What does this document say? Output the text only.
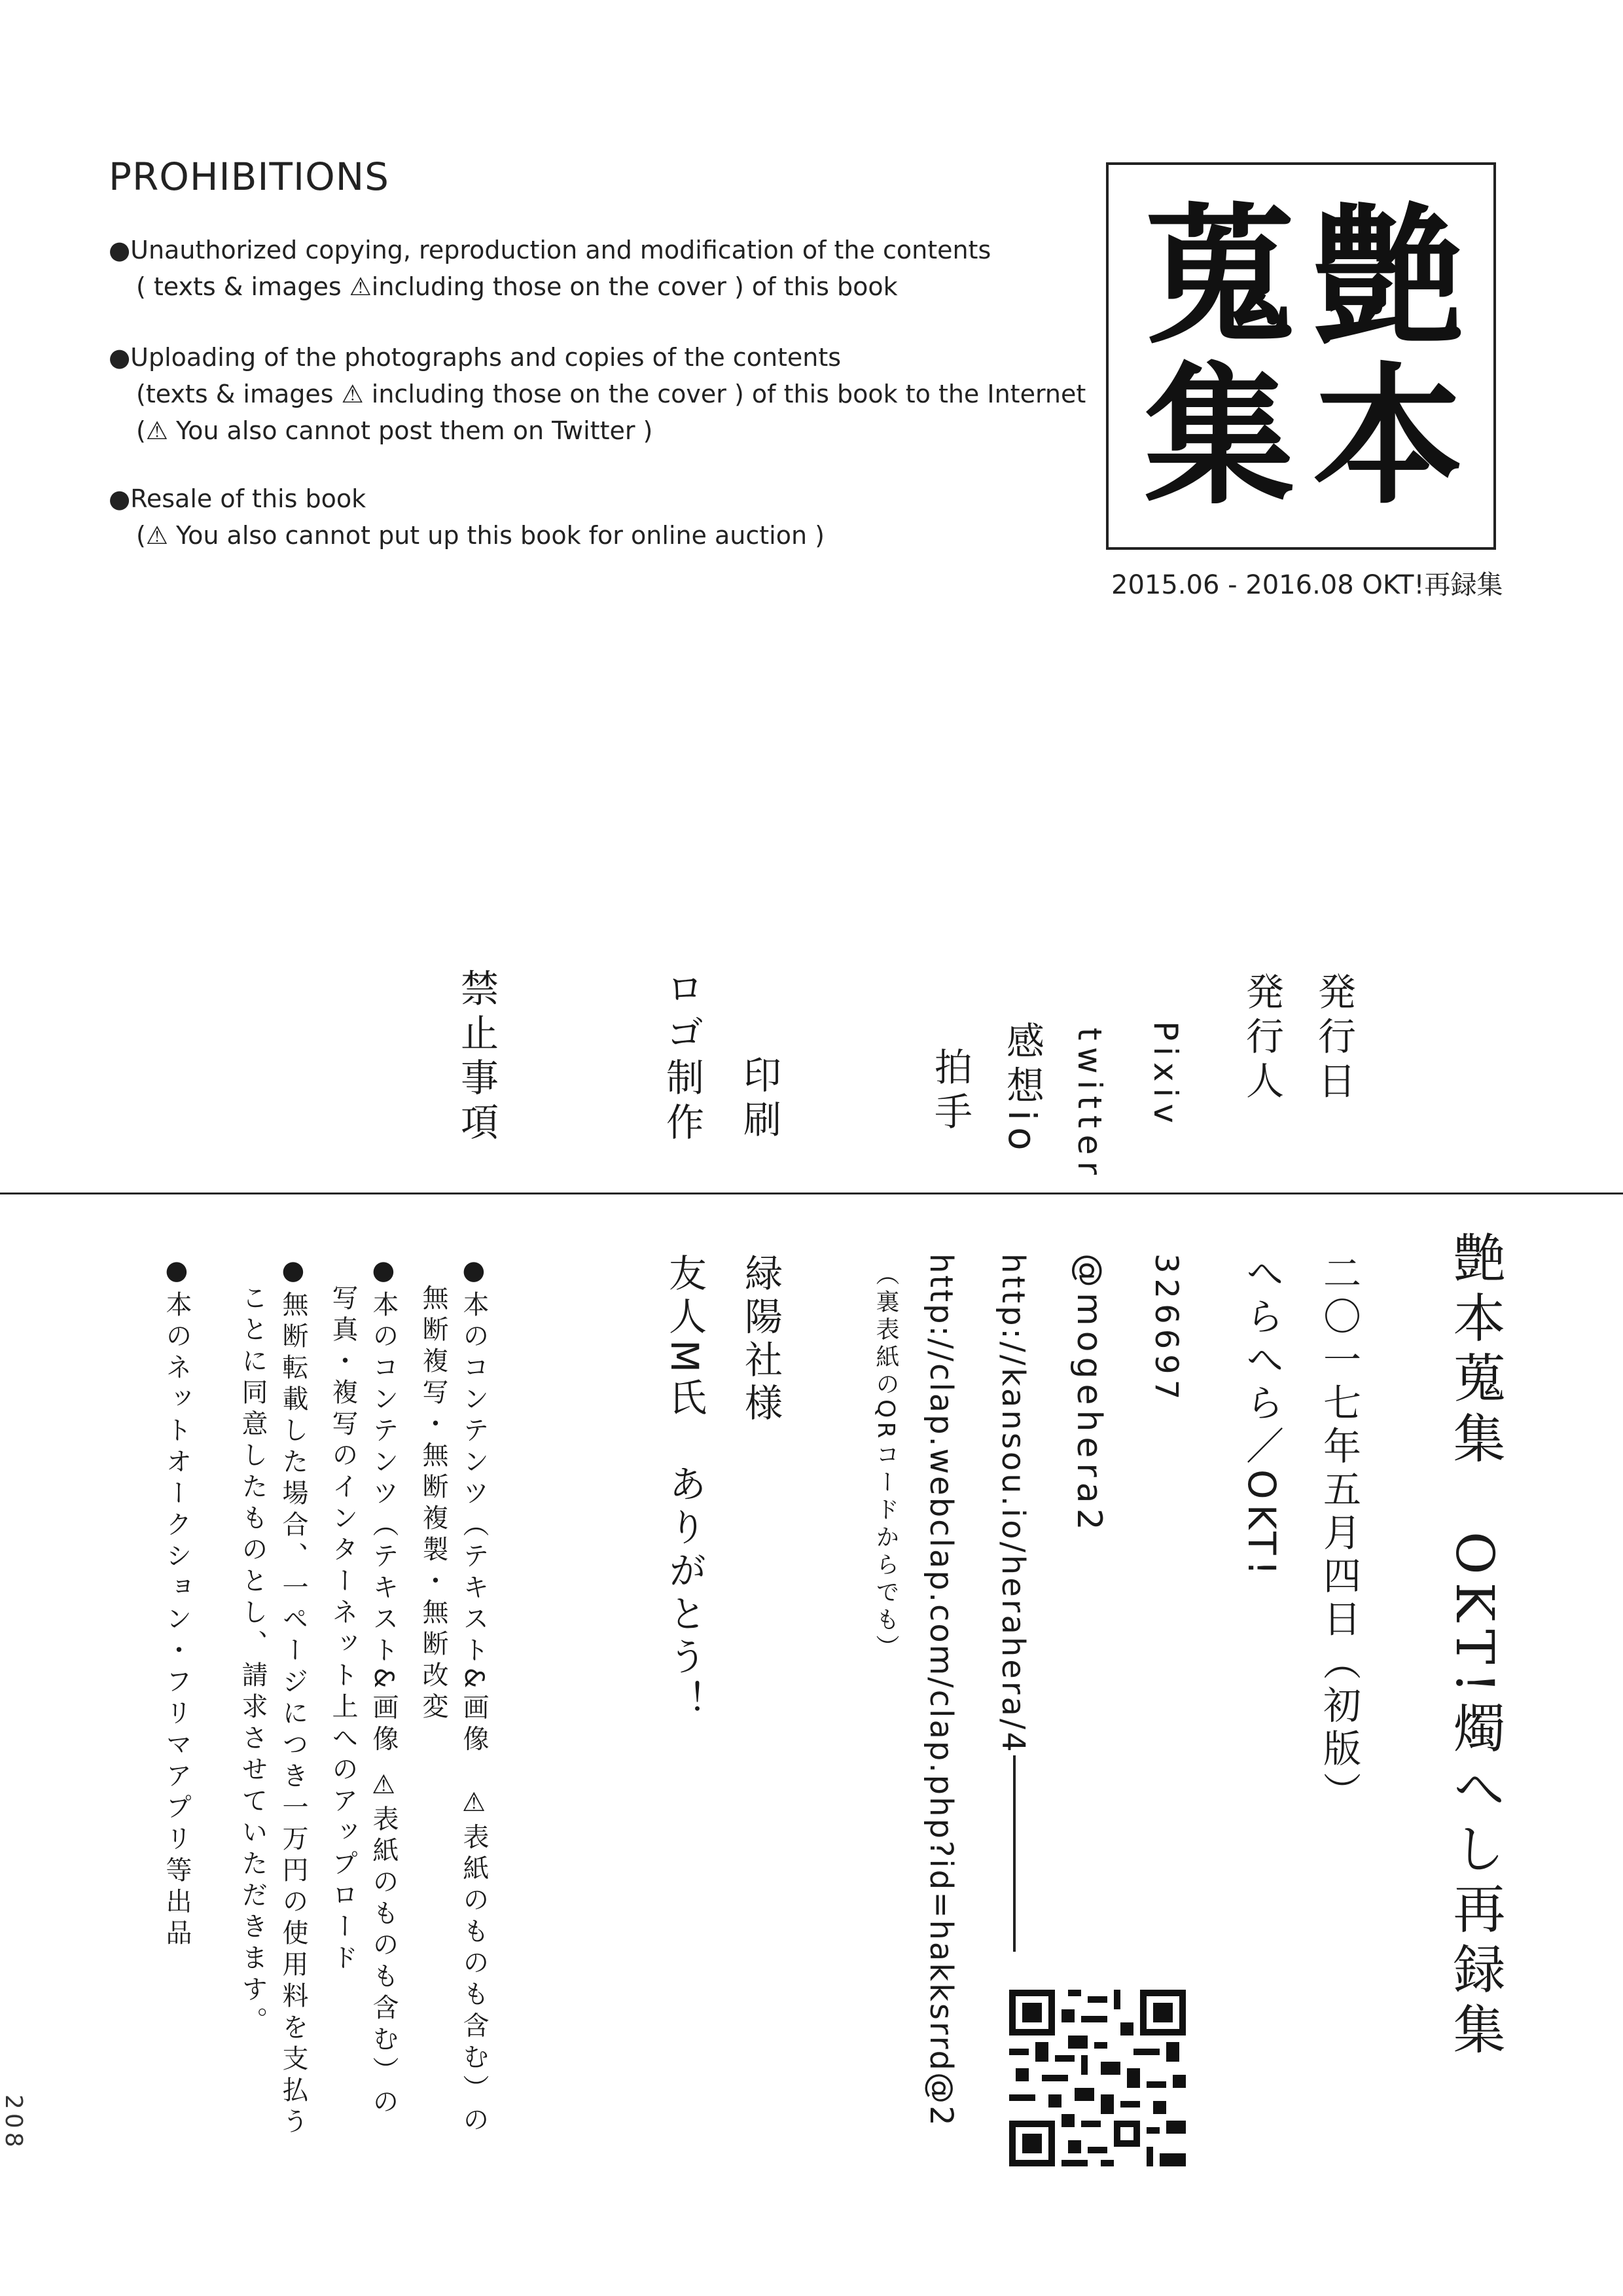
PROHIBITIONS
●Unauthorized copying, reproduction and modification of the contents
( texts & images ⚠including those on the cover ) of this book
●Uploading of the photographs and copies of the contents
(texts & images ⚠ including those on the cover ) of this book to the Internet
(⚠ You also cannot post them on Twitter )
●Resale of this book
(⚠ You also cannot put up this book for online auction )
艶
本
蒐
集
2015.06 - 2016.08 OKT!再録集
発行日
発行人
Pixiv
twitter
感想io
拍手
印刷
ロゴ制作
禁止事項
艶本蒐集　OKT!燭へし再録集
二〇一七年五月四日（初版）
へらへら／OKT!
326697
@mogehera2
http://kansou.io/herahera/4
http://clap.webclap.com/clap.php?id=hakksrrd@2
（裏表紙のQRコードからでも）
緑陽社様
友人M氏　ありがとう！
●本のコンテンツ（テキスト&画像　⚠表紙のものも含む）の
無断複写・無断複製・無断改変
●本のコンテンツ（テキスト&画像 ⚠表紙のものも含む）の
写真・複写のインターネット上へのアップロード
●無断転載した場合、一ページにつき一万円の使用料を支払う
ことに同意したものとし、請求させていただきます。
●本のネットオークション・フリマアプリ等出品
208
